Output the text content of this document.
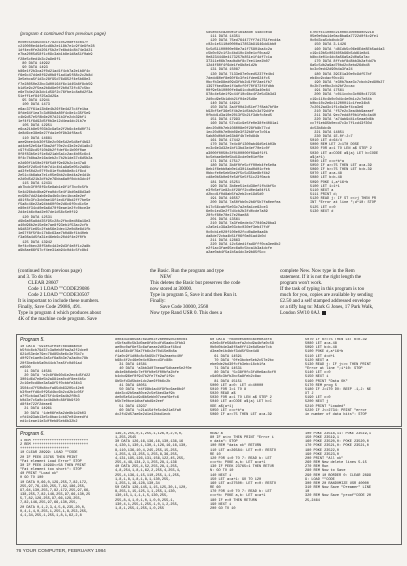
(program 4 continued from previous page)
ec0ec5c5d5cdc1f7d2c105208ef4cb47f
c210000e4d4e5cd6b2e118b7e1c9f4e9fe28
1df4ec0fe2d201f5b2e7e6bd4c8b74e3d21
e7ba2005d58f1c09c3ab1b8e1d8a51f0ab9
f28e5c0ed1b3c2a9e8f1
80 DATA 14992
90 DATA 1493
b86e1f2b3ca2f0d21ad1f4cb7a2e1b8f4c
f6e6c47d4e8f62d0b8f1ad1a5f88c2c2b8d
3e5ebca5f1d3c28f95d76d952f4e5b68e3
f7e28050e22bc3d00164f6c1d45b8f8cb59
b1d5e9c2f5ea2b8d9e0f2b0d73fc87c5bc
e6e7b4e21b3dc1d59f2c76fbe1c8a0d2f3a
51eff1ef84f25a3d29a
95 DATA 12941
100 DATA 1473
e6ac37f61a13b6e4b26f8e4d27c4fe1ba
8fde64f1ea7c3d09b8a80f4c8e1c35f5e9
c4b9d57e5f8b6e207d21b3fe2cb39bf1
1ef4f1f6d92d5f0b3e12d4ea4dc21b7e
105 DATA 12951
e6ca21b8e5f03b3c9a5e2f2b6c4e8d0f71
4e8d6ce38e6e27fda1e0f9b3df8ac5
110 DATA 14681
aee9bee4cb30f58e2c06e5d2e5d8ef4b92
ad4de52e54af3ba2df70e2c43e2e2d1a8c2
c97fd39cd5f10b9b2ffdef6c1b00f0ae
0f8f83b5e1f1e8d21ab5a1c2ac4b05c6c4
0f4c7b8ba2e16a4eb2c7b2b1de37c6d5b2a
e2d60f1b50e2f6f5d0f9e92b2c1e47a8
8b9e5f2d5c6fde7d1c4b1a9a5e05c2a89c
ad3fe50d2c07f0c81efbdbb8e8c1f8cd
2e51c4b6aba7e1c05e6bb2c8ed4a2e4d1b
e2d0d5d21b2dfb2e76bba6a0f0dcb3dc4f
115 DATA 12431
ab7bdc3f0f8f6c5e8ab1e9f1f7bc0c5fb
5e4d26bdc8ba9fea0dc5e4f1bd0a68d3a0
ec98b7dd24ab6e9a4b6c4ec1bca6e2ef
d81f8c3fc3cb0ae19f1ed1f8bd2ff7be5e
f5a8c46e22a94bb60f0e2d6c6f0cd1c5e
e80e4f34cd0e6a6d70f6eae1e2fc0bce3e
2d4e1b6c0ad2e07de1d58c5e0f19
120 DATA 12531
d9b6a05a8dd35f95c28c2fbc8ed86a19e3
a40d96b2e15e6e7ae8f93eb1f53ac2cfb
b9d83f1e65c2fab56e2dec12e0d8e8d1fb
1e67f8f5f8c17b8c63ae7b0d8bf1b40eb
f3a08a4d5fa31e46eb6c20d4f4e2f0fb
125 DATA 13942
0ef4c0bec28f5b0c4d2e9d3f4e8f1c2a8b
a9b8ae66f97cf4ee31ab94c0d4c5fc8b4
5d5ebc5ca2b0e3f1b4abd0 S48cce48
111 DATA 14351
120 DATA 75ed764477ff7d1751fecd4a
c02c1e5110d0000a17853b91946dd1bb0
5c5d51100000e08e7a1f75801ba4c2a
c5b0c02c1f2c4bd10c1b0e1cf0cad2
0e8234448e4173257b851e1f4df7c1a
37311e06b7eadbdbf8c7ee11ee2b07
12d4f80f4f6de1fe9b8e1d2b
131 DATA 15087
130 DATA 7133e87e0ced5237fe4b4
7dedd60ef8e60f6c3fe1fdee624fc5
0bcfb3e98ed09d3fbb2d1f0f2ae1fb7
1397fbed5be1f4a0cf0f70f873f4fdbb
00f9e5b10000fe8a61cdbd03a40e84
978c4e5de1f9c44f10c6bc4f2e5d3b3d3
2d0cd9e5b1dbb21f04e25d8e
140 DATA 14912
150 DATA 3a4f00d2d51ef7f8ab7bf8e
b92bf5ef36e5f4b2e1d5bb2c3d79d4fe
0fbdd1d3a10e2013f5b21f3dbfc8ed5
151 DATA 17993
160 DATA 57cd1c9e5fe0e38fe4081a1
dec20d0b7eb108008e0f28fb8b77cd
1ec20d0b7e0bb09e3f32b8fce7c01a
5ab80d0b01e63b8f4b7e0d84b
161 DATA 17442
170 DATA 7e4c8f1300ab46d5e1b03b
ec3c6e3d32e1bf13bd3e4ef70e1c0f
a3000f0050c3f0100000f09a8f1f1
bc5ebae8e0e5bd19cde0e01ef0e
171 DATA 17517
180 DATA 3b8f0fe5cff00eb4fe5e0a
8eb1f8ebb0ab0e1d3014ad0d01cfeb
0bbcfe0e5eb5be2f5c5d35be8bf4b2
cd8e0b5b0e6fe5df5e5f51c23f0acb
181 DATA 15251
190 DATA 3b8ee51e4d38ef1fb4bf5c
e3fb5ef1e82c4f28ff2cd0e4a04f15
d2bcd1f0d8ab5fa2eb2ce19d5d0
191 DATA 16557
200 DATA 7a50fbb0c2b6f5b7fa0eefea
b17c56cabf5e03c7a2e8a1ce62ce3
6e0c1ed3e2f7d4cb2b3fd0cde7a89
20fcf80e70e17e20ae88
201 DATA 13561
210 DATA 7a3fe6ede4c77040a28ba3
c2a5e1c39a3e03cbc030ef3eb47fdf
0c0cb1e020f100e02fcd0a8e0aa6b
da8de72cba4b51f06f0a01ad1b0d
211 DATA 12863
220 DATA 12c5ded1fad9fff0ca3ee8b2
e2f1ac3fae65ec6a0c5bca1b3a4dcfe
a2ae0ab4f5a1b5a4dc3e9b85f5cc
E7HcfE1100bc2100bc3000bd0c9218
05e0e0da14e0acBba6a7722d0f4c9fe1
0c0d3ca5cbdbdc3f
150 DATA 3-1426
160 DATA 'd8Cdb5c06e8Ede8Eb5ad4a3
c19c1Db5c002405b96b5dd61e8d1
b8bc4e01c4dc8a56a5a2d0a5a7ac
170 DATA 8ffcbf8d8bb3b2afdd7b
6a5c5db2a9ad70bd2c8ebd26dbd8
bc3c0ed42d90b4a3fa24
180 DATA 39CE1a30e0c9df57bf
eb4bc9cdacf0cc91
190 DATA 'e30b7bae3c7cbcb2ed90b27
0c2b7ce0bc2cb2bf2ccac
191 DATA 17561
200 DATA 'c011ccbc3c060c47235
c19c110c4b0c0d4c4e0b1c2c7e84b
b0bc10c2e6c11200011c1fee34b8
7c2012ad3c1f1c8a3ef4ca3e6
210 DATA 'f57e2c3ea4bb9aeaef
211 DATA 9ec7edd8f0b1fe8c4a40
220 DATA 'a74ab9d41c5eaa0d6b
cc7f1eb95b0ecd7c3c7f1cd43f30d
dc53b8dc4b
221 DATA 14851
230 DATA 1E-0f:J=7
5010 LET d=64/4
5000 REM LET J=1T0 DOSE
5020 FOR a=1 TO LEN a$ STEP 2
5030 LET a=CODE a$(a) LET b=CODE
a$(a+1)
5040 LET c=c+b*a
5050 IF a>=75 THEN LET a=a-39
5060 IF b>=75 THEN LET b=b-39
5070 LET a=a-48
5080 LET b=b-48
5090 POKE 1,a*16+b
5100 LET 1=1+1
5110 NEXT a
5111 PRINT d;
5120 READ j: IF ST c<>j THEN PR
INT "Error at line ";d*10: STOP
5125 LET c=0
5130 NEXT d
(continued from previous page)
and 3. To do this
CLEAR 28607
Code 1 LOAD ""CODE29086
Code 2 LOAD ""CODE30507
It is important to include these numbers.
Finally, Save Code 29086, 491.
Type in program 4 which produces about
4K of the machine code program. Save
the Basic. Run the program and type
NEW
This deletes the Basic but preserves the code
now stored at 30000.
Type in program 5, Save it and then Run it.
Finally:
Save Code 30000, 2568
Now type Rand USR 0. This does a
complete New. Now type in the Rem
statement. If it is not the right length the
program won't work.
If the task of typing in this program is too
much for you, copies are available by sending
£2.50 and a self stamped addressed envelope
or a tiffy bag to: Mark G Jones, 17 Park Walk,
London SW10 0AJ.
Program 5.
10 DATA '591e53fe4e7b84a8ad50
b5fdc8cb79d37c3a0eb8fba2a2f2dce0
621d53e4e79ec78d85b8e6c3e75b7c
d0f97e1ae0c2a5cf6a8b3e7a2adbc78b
20f3be8cb5a0b44cb7ea5fc0d01ad
e8500
11 DATA 14581
20 DATA 'e2c8f6b60d1e2ec4d5fd22
3001d6d7e8e5b2a981ea0cdf8ee4b5c
2c16e0cd8be3a5a9f5f0cbbfe34b3
3504cd7f50b8bcfa65db63205c42e0
b3fbeffd6c0f95d4bc6b2cd2b1c05f
a7f5cb4ad7a675f4c9e6a4b2f0b3
b0d3e7c5a0c1e4b9b0c88f8b9f20
d8f4e722f2deae6
21 DATA 14961
30 DATA '1de06fe8a2de8b1d2b03
cfd1b93ab13e5c8bac1cb87e01beedfd
ed1c1eae11e3df0eb85eb6b32b2
d0b4d3cab5da7b93eb3f2beeb9d5cb0cb4
c5bfad0c5b3d0ae8fd0cdfd5aabc3fbb3
ae0bc0af6ef3c6afaeae2d03caf48cd
d41a56c8f76a7fb6c2e70d15e8b8a
f1a0c9f1d08c8c5b95b7f9a2eaebc40f
b68c4f2c46e0e4c03becd3fc88b
31 DATA 14581
40 DATA 'a3bb3d07beaaf5dbaee5e2f0e
db4e6b0de6c7ef0fb0e5f00bfa2bfe
b4cbd96ef0f9d7b2fe7fa2af1f9c
9b5bfd3d5bde1dc2ae6f0b6c2b
41 DATA 18051
50 DATA 'e4f98b4ad4f9fbc6ae8b4f
dde3cd2b5ea80ce2c5e5bed3af9b
de0d5e5d1cd9d6b5ebb07ceaf6efc6
b5b7e0bce1dbafabd9e2eef
51 DATA 13937
60 DATA 'c21a15dfe5c4e21a5fa0
dc2fd2d57ae6e2d1e42bbd1ecb
60 DATA 'fbdb0e5b0bcacebe28f8
e2e6c8fe56d8cefa2cbd9a4bfa0c58
0b0d0b4e3a8f8a0ff12e8d5ede7cb
d3ea0e1b4bbf3dd5f5be4d8
61 DATA 14591
70 DATA '0fe3bcbe5eb2c57e2bc
ebe0de2bd30fcfb3ebc18cb1fa
71 DATA 14531
80 DATA '5c38f0fc3fd0e6ac8cf0
c9d08c3bfb2bc5a8feb2c8ac
81 DATA 15151
5000 LET a=0: LET d=40000
5010 FOR I=1 TO 8
5020 READ a$
5030 FOR a=1 TO LEN a$ STEP 2
5040 LET a=CODE a$(a) LET b=C
ODE a$(a+1)
5050 LET c=c+b*a
5060 IF a>=75 THEN LET a=a-39
5070 IF b>=75 THEN LET b=b-39
5080 LET a=a-48
5090 LET b=b-48
5100 POKE d,a*16+b
5110 LET d=d+1
5120 NEXT a
5130 READ j: IF j<>c THEN PRINT
"Error at line ";i*10: STOP
5140 LET c=0
5150 NEXT i
5160 PRINT "Data OK"
5170 REM prog 5
5180 IF J=1T0 DO: BEEP .1,J: NE
XT J
5190 LET c=0
5200 NEXT j
5210 PRINT "Loaded"
5220 IF J<>2734: PRINT "error
in number of data bits": STOP
Program 6.
1 REM ++++++++++++++++++++++++++
2 REM ++++++++++++++++++++++++++
+++++++++++++++++++++++
10 CLEAR 28999: LOAD ""CODE
20 IF PEEK 23765 THEN PRINT
"Fat element Load Error" STOP
30 IF PEEK 24999<>58 THEN PRINT
"Fat element too short": STOP
40 PRINT "Load ok"
0 GO TO 100
10 DATA 0,66,0,129,255,7,82,172,
255,97,76,130,255,7,82,186,255,
97,64,130,255,7,82,172,255,97,66,
138,255,7,82,146,255,97,66,130,25
5,7,82,126,255,97,66,129,255,
7,82,146,255,97,66,130,255,
20 DATA 0,1,2,3,4,5,6,235,20,0,
0,4,1,4,0,255,1,255,1,8,253,255,
4,1,34,255,1,255,1,8,1,62,2,8
136,4,255,0,1,255,1,126,0,2,0,0,
1,255,2545
30 DATA 126,16,136,16,130,136,16
4,130,1,130,1,130,1,126,16,16,130,
8,110,136,10,4,245,255,15,255,
1,255,4,13,255,1,255,8,36,255,
4,131,195,126,131,156,122,45,255,
255,4,49,134,2,1,255,28,1,136
40 DATA 255,4,52,255,28,1,255,
4,8,254,1,8,1,62,2,255,4,255,4,
255,4,136,1,15,110,255,1,1,255,
1,8,1,8,1,8,1,8,1,130,255,
1,255,1,16,128,130,34
50 DATA 126,145,1,15,125,30,1,120,
8,255,1,15,125,1,1,255,1,130,
130,15,1,1,1,1,5,130,255,
255,8,4,1,0,1,0,1,0,0,255,1,
130,4,1,255,1,255,1,0,1,2,255,
1,8,1,255,1,255,1,0,255
READ a
80 IF a<>c THEN PRINT "Error i
n data": STOP
100 REM "data ok" RETURN
110 LET a=26584: LET e=0: RESTO
RE 10
120 FOR i=0 TO 7: READ b: LET
c=c+b: POKE a,b: LET a=a+1
130 IF PEEK 23765=1 THEN RETUR
N: GO TO 10
140 NEXT i
150 LET a=a+1: GO TO 120
160 LET a=27500: LET e=0: RESTO
RE 60
170 FOR i=0 TO 7: READ b: LET
c=c+b: POKE a,b: LET a=a+1
180 IF e=0 THEN RETURN
190 NEXT i
200 GO TO 10
100 POKE 23518,11: POKE 23519,1
150 POKE 23519,1
160 POKE 23520,0: POKE 23520,0
170 POKE 23521,0: POKE 23521,0
180 POKE 23522,0
190 POKE 23523,0
200 PRINT "All ok"
260 REM New delete lines 5-15
270 REM Run
280 REM Now to Save
290 REM 10 BORDER 0: CLEAR 2899
9: LOAD ""CODE
300 REM 20 RANDOMIZE USR 40000
310 REM Now Save "Dreamer" LINE
10
320 REM Now Save "proof"CODE 20
25,2464
76 YOUR COMPUTER, FEBRUARY 1984
